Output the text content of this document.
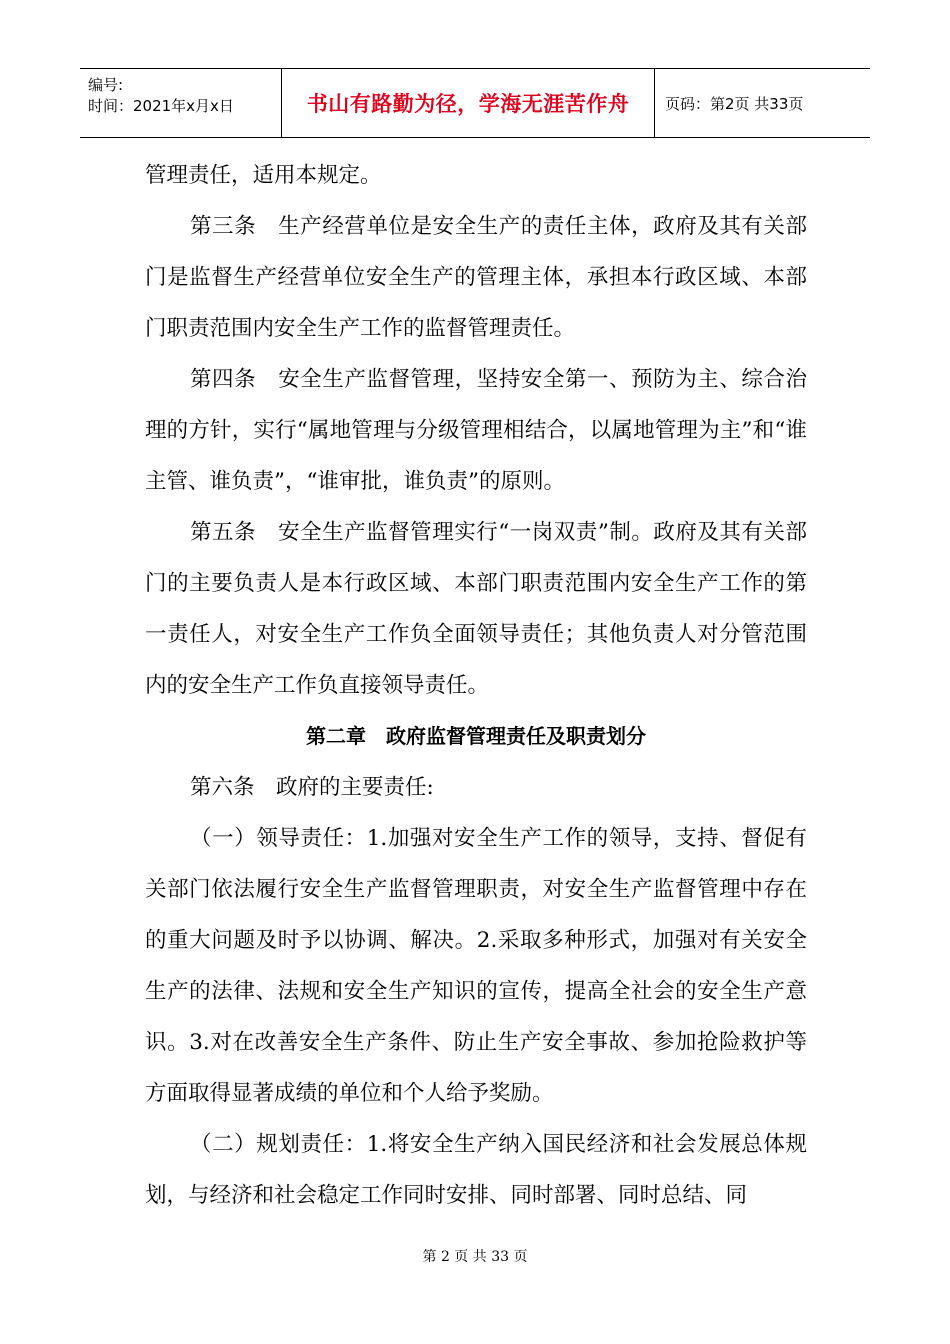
编号:
时间：2021年x月x日	书山有路勤为径，学海无涯苦作舟	页码：第2页 共33页

管理责任，适用本规定。

第三条　生产经营单位是安全生产的责任主体，政府及其有关部门是监督生产经营单位安全生产的管理主体，承担本行政区域、本部门职责范围内安全生产工作的监督管理责任。

第四条　安全生产监督管理，坚持安全第一、预防为主、综合治理的方针，实行“属地管理与分级管理相结合，以属地管理为主”和“谁主管、谁负责”，“谁审批，谁负责”的原则。

第五条　安全生产监督管理实行“一岗双责”制。政府及其有关部门的主要负责人是本行政区域、本部门职责范围内安全生产工作的第一责任人，对安全生产工作负全面领导责任；其他负责人对分管范围内的安全生产工作负直接领导责任。

第二章　政府监督管理责任及职责划分

第六条　政府的主要责任:

（一）领导责任：1.加强对安全生产工作的领导，支持、督促有关部门依法履行安全生产监督管理职责，对安全生产监督管理中存在的重大问题及时予以协调、解决。2.采取多种形式，加强对有关安全生产的法律、法规和安全生产知识的宣传，提高全社会的安全生产意识。3.对在改善安全生产条件、防止生产安全事故、参加抢险救护等方面取得显著成绩的单位和个人给予奖励。

（二）规划责任：1.将安全生产纳入国民经济和社会发展总体规划，与经济和社会稳定工作同时安排、同时部署、同时总结、同

第 2 页 共 33 页
